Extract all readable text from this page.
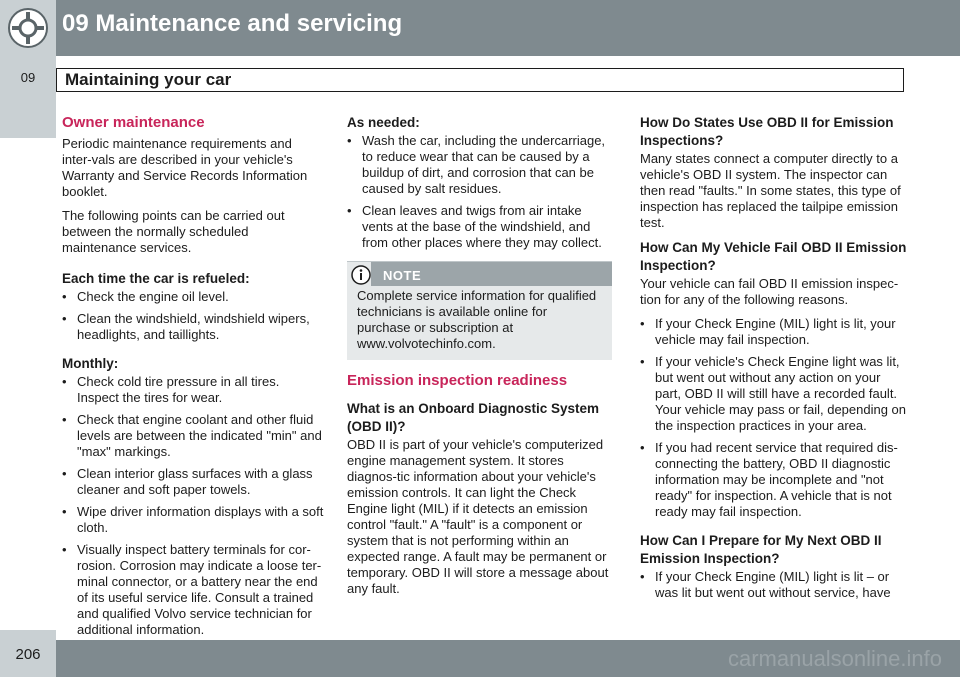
09 Maintenance and servicing
09	Maintaining your car
Owner maintenance

Periodic maintenance requirements and inter-vals are described in your vehicle's Warranty and Service Records Information booklet.

The following points can be carried out between the normally scheduled maintenance services.

Each time the car is refueled:
• Check the engine oil level.
• Clean the windshield, windshield wipers, headlights, and taillights.
Monthly:
• Check cold tire pressure in all tires. Inspect the tires for wear.
• Check that engine coolant and other fluid levels are between the indicated "min" and "max" markings.
• Clean interior glass surfaces with a glass cleaner and soft paper towels.
• Wipe driver information displays with a soft cloth.
• Visually inspect battery terminals for cor-rosion. Corrosion may indicate a loose ter-minal connector, or a battery near the end of its useful service life. Consult a trained and qualified Volvo service technician for additional information.
As needed:
• Wash the car, including the undercarriage, to reduce wear that can be caused by a buildup of dirt, and corrosion that can be caused by salt residues.
• Clean leaves and twigs from air intake vents at the base of the windshield, and from other places where they may collect.
NOTE
Complete service information for qualified technicians is available online for purchase or subscription at www.volvotechinfo.com.
Emission inspection readiness
What is an Onboard Diagnostic System (OBD II)?

OBD II is part of your vehicle's computerized engine management system. It stores diagnos-tic information about your vehicle's emission controls. It can light the Check Engine light (MIL) if it detects an emission control "fault." A "fault" is a component or system that is not performing within an expected range. A fault may be permanent or temporary. OBD II will store a message about any fault.

How Do States Use OBD II for Emission Inspections?

Many states connect a computer directly to a vehicle's OBD II system. The inspector can then read "faults." In some states, this type of inspection has replaced the tailpipe emission test.

How Can My Vehicle Fail OBD II Emission Inspection?

Your vehicle can fail OBD II emission inspec-tion for any of the following reasons.

• If your Check Engine (MIL) light is lit, your vehicle may fail inspection.
• If your vehicle's Check Engine light was lit, but went out without any action on your part, OBD II will still have a recorded fault. Your vehicle may pass or fail, depending on the inspection practices in your area.
• If you had recent service that required dis-connecting the battery, OBD II diagnostic information may be incomplete and "not ready" for inspection. A vehicle that is not ready may fail inspection.
How Can I Prepare for My Next OBD II Emission Inspection?
• If your Check Engine (MIL) light is lit – or was lit but went out without service, have
206	carmanualsonline.info
